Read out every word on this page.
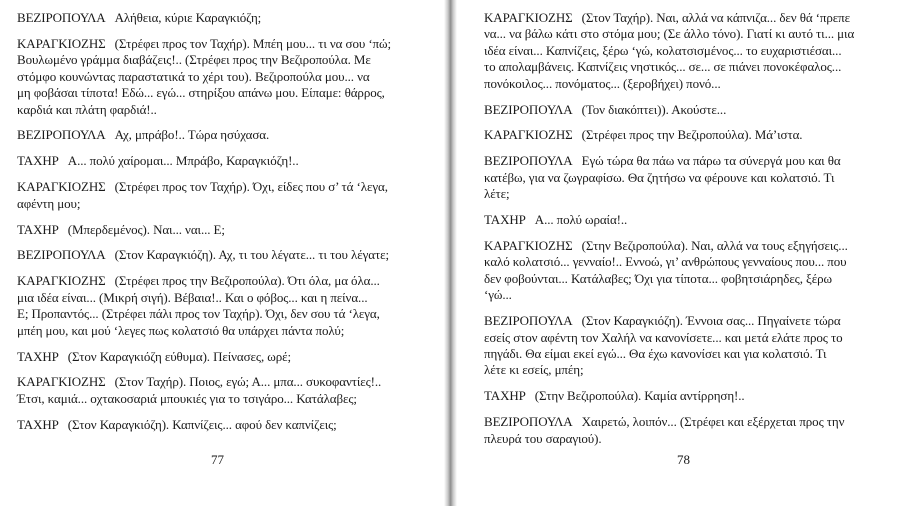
ΒΕΖΙΡΟΠΟΥΛΑ Αλήθεια, κύριε Καραγκιόζη;
ΚΑΡΑΓΚΙΟΖΗΣ (Στρέφει προς τον Ταχήρ). Μπέη μου... τι να σου ‘πώ;
Βουλωμένο γράμμα διαβάζεις!.. (Στρέφει προς την Βεζιροπούλα. Με
στόμφο κουνώντας παραστατικά το χέρι του). Βεζιροπούλα μου... να
μη φοβάσαι τίποτα! Εδώ... εγώ... στηρίξου απάνω μου. Είπαμε: θάρρος,
καρδιά και πλάτη φαρδιά!..
ΒΕΖΙΡΟΠΟΥΛΑ Αχ, μπράβο!.. Τώρα ησύχασα.
ΤΑΧΗΡ Α... πολύ χαίρομαι... Μπράβο, Καραγκιόζη!..
ΚΑΡΑΓΚΙΟΖΗΣ (Στρέφει προς τον Ταχήρ). Όχι, είδες που σ’ τά ‘λεγα,
αφέντη μου;
ΤΑΧΗΡ (Μπερδεμένος). Ναι... ναι... Ε;
ΒΕΖΙΡΟΠΟΥΛΑ (Στον Καραγκιόζη). Αχ, τι του λέγατε... τι του λέγατε;
ΚΑΡΑΓΚΙΟΖΗΣ (Στρέφει προς την Βεζιροπούλα). Ότι όλα, μα όλα...
μια ιδέα είναι... (Μικρή σιγή). Βέβαια!.. Και ο φόβος... και η πείνα...
Ε; Προπαντός... (Στρέφει πάλι προς τον Ταχήρ). Όχι, δεν σου τά ‘λεγα,
μπέη μου, και μού ‘λεγες πως κολατσιό θα υπάρχει πάντα πολύ;
ΤΑΧΗΡ (Στον Καραγκιόζη εύθυμα). Πείνασες, ωρέ;
ΚΑΡΑΓΚΙΟΖΗΣ (Στον Ταχήρ). Ποιος, εγώ; Α... μπα... συκοφαντίες!..
Έτσι, καμιά... οχτακοσαριά μπουκιές για το τσιγάρο... Κατάλαβες;
ΤΑΧΗΡ (Στον Καραγκιόζη). Καπνίζεις... αφού δεν καπνίζεις;
77
ΚΑΡΑΓΚΙΟΖΗΣ (Στον Ταχήρ). Ναι, αλλά να κάπνιζα... δεν θά ‘πρεπε
να... να βάλω κάτι στο στόμα μου; (Σε άλλο τόνο). Γιατί κι αυτό τι... μια
ιδέα είναι... Καπνίζεις, ξέρω ‘γώ, κολατσισμένος... το ευχαριστιέσαι...
το απολαμβάνεις. Καπνίζεις νηστικός... σε... σε πιάνει πονοκέφαλος...
πονόκοιλος... πονόματος... (ξεροβήχει) πονό...
ΒΕΖΙΡΟΠΟΥΛΑ (Τον διακόπτει)). Ακούστε...
ΚΑΡΑΓΚΙΟΖΗΣ (Στρέφει προς την Βεζιροπούλα). Μά’ιστα.
ΒΕΖΙΡΟΠΟΥΛΑ Εγώ τώρα θα πάω να πάρω τα σύνεργά μου και θα
κατέβω, για να ζωγραφίσω. Θα ζητήσω να φέρουνε και κολατσιό. Τι
λέτε;
ΤΑΧΗΡ Α... πολύ ωραία!..
ΚΑΡΑΓΚΙΟΖΗΣ (Στην Βεζιροπούλα). Ναι, αλλά να τους εξηγήσεις...
καλό κολατσιό... γενναίο!.. Εννοώ, γι’ ανθρώπους γενναίους που... που
δεν φοβούνται... Κατάλαβες; Όχι για τίποτα... φοβητσιάρηδες, ξέρω
‘γώ...
ΒΕΖΙΡΟΠΟΥΛΑ (Στον Καραγκιόζη). Έννοια σας... Πηγαίνετε τώρα
εσείς στον αφέντη τον Χαλήλ να κανονίσετε... και μετά ελάτε προς το
πηγάδι. Θα είμαι εκεί εγώ... Θα έχω κανονίσει και για κολατσιό. Τι
λέτε κι εσείς, μπέη;
ΤΑΧΗΡ (Στην Βεζιροπούλα). Καμία αντίρρηση!..
ΒΕΖΙΡΟΠΟΥΛΑ Χαιρετώ, λοιπόν... (Στρέφει και εξέρχεται προς την
πλευρά του σαραγιού).
78
